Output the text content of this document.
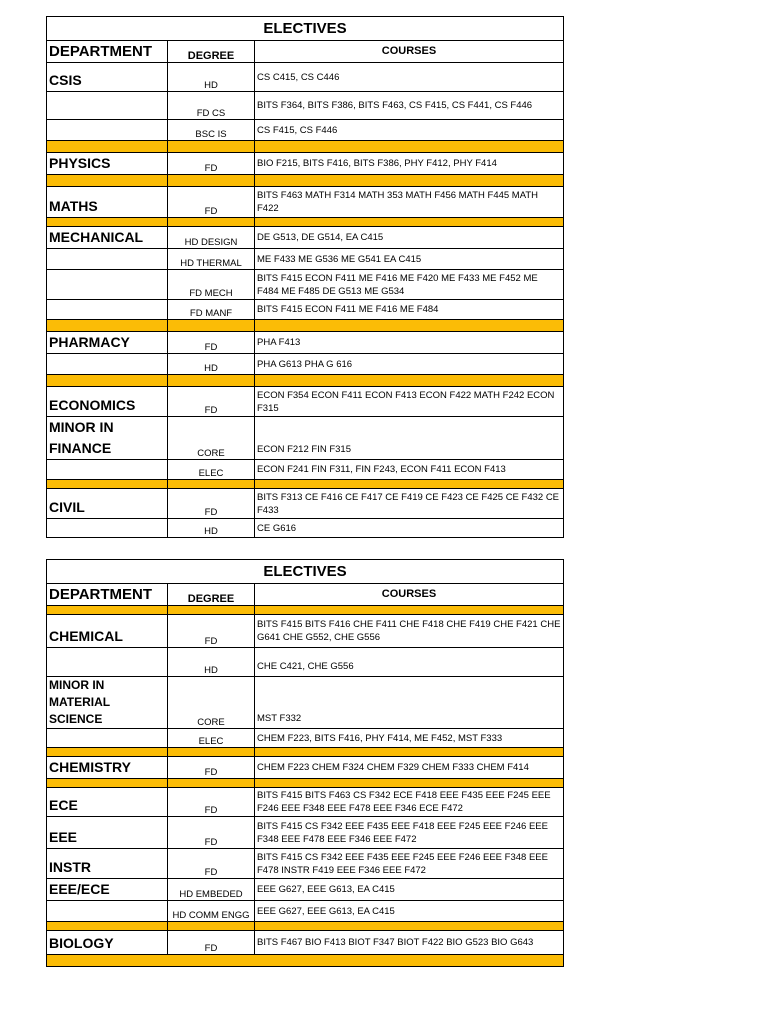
ELECTIVES		
DEPARTMENT	DEGREE	COURSES
CSIS	HD	CS C415, CS C446
	FD CS	BITS F364, BITS F386, BITS F463, CS F415, CS F441, CS F446
	BSC IS	CS F415, CS F446

PHYSICS	FD	BIO F215, BITS F416, BITS F386, PHY F412, PHY F414

MATHS	FD	BITS F463 MATH F314 MATH 353 MATH F456 MATH F445 MATH F422

MECHANICAL	HD DESIGN	DE G513, DE G514, EA C415
	HD THERMAL	ME F433 ME G536 ME G541 EA C415
	FD MECH	BITS F415 ECON F411 ME F416 ME F420 ME F433 ME F452 ME F484 ME F485 DE G513 ME G534
	FD MANF	BITS F415 ECON F411 ME F416 ME F484

PHARMACY	FD	PHA F413
	HD	PHA G613 PHA G 616

ECONOMICS	FD	ECON F354 ECON F411 ECON F413 ECON F422 MATH F242 ECON F315
MINOR IN FINANCE	CORE	ECON F212 FIN F315
	ELEC	ECON F241 FIN F311, FIN F243, ECON F411 ECON F413

CIVIL	FD	BITS F313 CE F416 CE F417 CE F419 CE F423 CE F425 CE F432 CE F433
	HD	CE G616
ELECTIVES		
DEPARTMENT	DEGREE	COURSES

CHEMICAL	FD	BITS F415 BITS F416 CHE F411 CHE F418 CHE F419 CHE F421 CHE G641 CHE G552, CHE G556
	HD	CHE C421, CHE G556
MINOR IN MATERIAL SCIENCE	CORE	MST F332
	ELEC	CHEM F223, BITS F416, PHY F414, ME F452, MST F333

CHEMISTRY	FD	CHEM F223 CHEM F324 CHEM F329 CHEM F333 CHEM F414

ECE	FD	BITS F415 BITS F463 CS F342 ECE F418 EEE F435 EEE F245 EEE F246 EEE F348 EEE F478 EEE F346 ECE F472
EEE	FD	BITS F415 CS F342 EEE F435 EEE F418 EEE F245 EEE F246 EEE F348 EEE F478 EEE F346 EEE F472
INSTR	FD	BITS F415 CS F342 EEE F435 EEE F245 EEE F246 EEE F348 EEE F478 INSTR F419 EEE F346 EEE F472
EEE/ECE	HD EMBEDED	EEE G627, EEE G613, EA C415
	HD COMM ENGG	EEE G627, EEE G613, EA C415

BIOLOGY	FD	BITS F467 BIO F413 BIOT F347 BIOT F422 BIO G523 BIO G643
